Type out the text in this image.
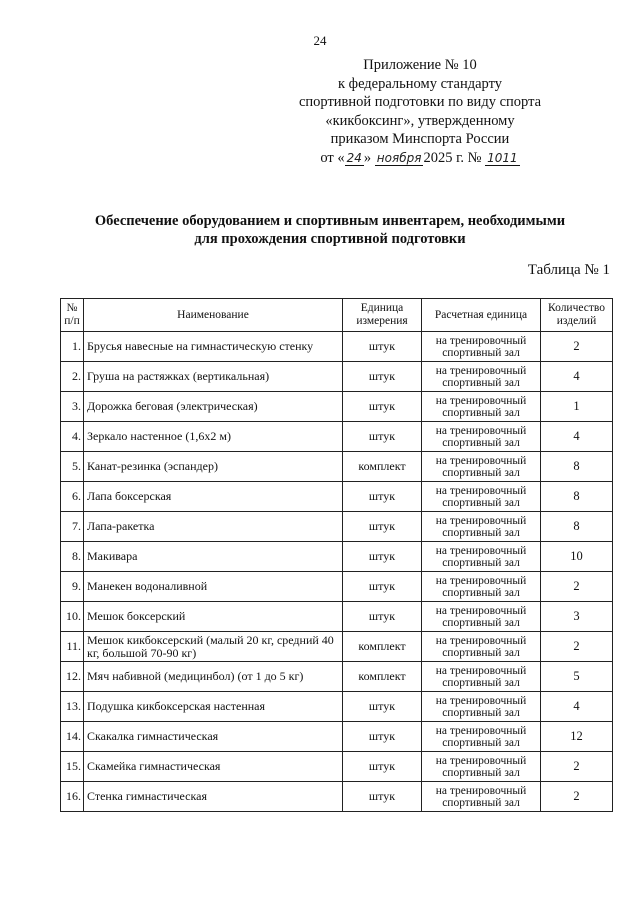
24
Приложение № 10
к федеральному стандарту
спортивной подготовки по виду спорта
«кикбоксинг», утвержденному
приказом Минспорта России
от « 24 » ноября 2025 г. № 1011
Обеспечение оборудованием и спортивным инвентарем, необходимыми
для прохождения спортивной подготовки
Таблица № 1
№ п/п	Наименование	Единица измерения	Расчетная единица	Количество изделий
1.	Брусья навесные на гимнастическую стенку	штук	на тренировочный спортивный зал	2
2.	Груша на растяжках (вертикальная)	штук	на тренировочный спортивный зал	4
3.	Дорожка беговая (электрическая)	штук	на тренировочный спортивный зал	1
4.	Зеркало настенное (1,6х2 м)	штук	на тренировочный спортивный зал	4
5.	Канат-резинка (эспандер)	комплект	на тренировочный спортивный зал	8
6.	Лапа боксерская	штук	на тренировочный спортивный зал	8
7.	Лапа-ракетка	штук	на тренировочный спортивный зал	8
8.	Макивара	штук	на тренировочный спортивный зал	10
9.	Манекен водоналивной	штук	на тренировочный спортивный зал	2
10.	Мешок боксерский	штук	на тренировочный спортивный зал	3
11.	Мешок кикбоксерский (малый 20 кг, средний 40 кг, большой 70-90 кг)	комплект	на тренировочный спортивный зал	2
12.	Мяч набивной (медицинбол) (от 1 до 5 кг)	комплект	на тренировочный спортивный зал	5
13.	Подушка кикбоксерская настенная	штук	на тренировочный спортивный зал	4
14.	Скакалка гимнастическая	штук	на тренировочный спортивный зал	12
15.	Скамейка гимнастическая	штук	на тренировочный спортивный зал	2
16.	Стенка гимнастическая	штук	на тренировочный спортивный зал	2
